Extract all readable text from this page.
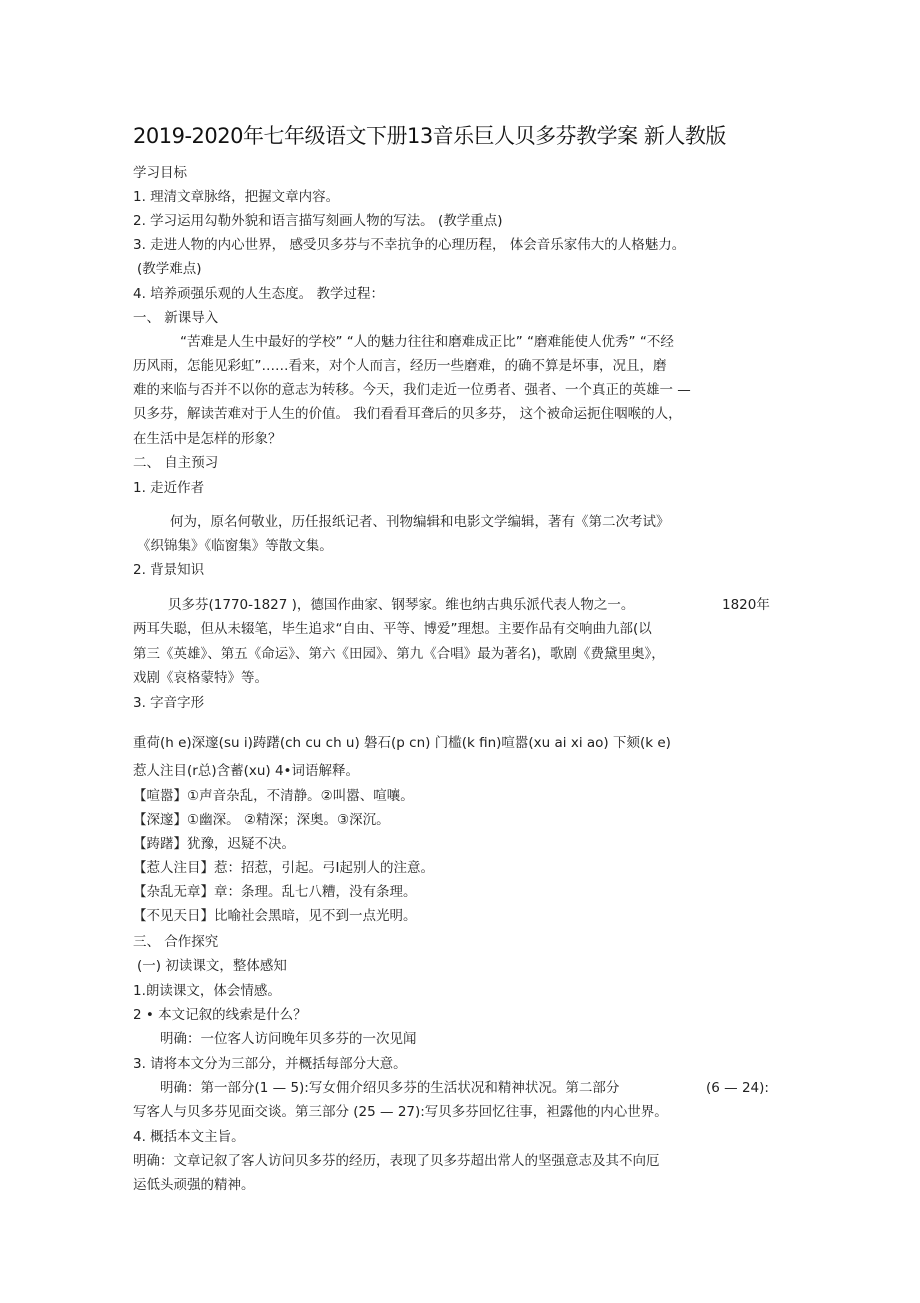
2019-2020年七年级语文下册13音乐巨人贝多芬教学案 新人教版
学习目标
1. 理清文章脉络，把握文章内容。
2. 学习运用勾勒外貌和语言描写刻画人物的写法。 (教学重点)
3. 走进人物的内心世界， 感受贝多芬与不幸抗争的心理历程， 体会音乐家伟大的人格魅力。
(教学难点)
4. 培养顽强乐观的人生态度。 教学过程：
一、 新课导入
“苦难是人生中最好的学校” “人的魅力往往和磨难成正比” “磨难能使人优秀” “不经
历风雨，怎能见彩虹”……看来，对个人而言，经历一些磨难，的确不算是坏事，况且，磨
难的来临与否并不以你的意志为转移。今天，我们走近一位勇者、强者、一个真正的英雄一 —
贝多芬，解读苦难对于人生的价值。 我们看看耳聋后的贝多芬， 这个被命运扼住咽喉的人，
在生活中是怎样的形象？
二、 自主预习
1. 走近作者
何为，原名何敬业，历任报纸记者、刊物编辑和电影文学编辑，著有《第二次考试》
《织锦集》《临窗集》等散文集。
2. 背景知识
贝多芬(1770-1827 )，德国作曲家、钢琴家。维也纳古典乐派代表人物之一。	1820年
两耳失聪，但从未辍笔，毕生追求“自由、平等、博爱”理想。主要作品有交响曲九部(以
第三《英雄》、第五《命运》、第六《田园》、第九《合唱》最为著名)，歌剧《费黛里奥》，
戏剧《哀格蒙特》等。
3. 字音字形
重荷(h e)深邃(su i)踌躇(ch cu ch u) 磐石(p cn) 门槛(k fin)喧嚣(xu ai xi ao) 下颏(k e)
惹人注目(r总)含蓄(xu) 4•词语解释。
【喧嚣】①声音杂乱，不清静。②叫嚣、喧嚷。
【深邃】①幽深。 ②精深；深奥。③深沉。
【踌躇】犹豫，迟疑不决。
【惹人注目】惹：招惹，引起。弓I起别人的注意。
【杂乱无章】章：条理。乱七八糟，没有条理。
【不见天日】比喻社会黑暗，见不到一点光明。
三、 合作探究
(一) 初读课文，整体感知
1.朗读课文，体会情感。
2 • 本文记叙的线索是什么？
明确：一位客人访问晚年贝多芬的一次见闻
3. 请将本文分为三部分，并概括每部分大意。
明确：第一部分(1 — 5):写女佣介绍贝多芬的生活状况和精神状况。第二部分	(6 — 24):
写客人与贝多芬见面交谈。第三部分 (25 — 27):写贝多芬回忆往事，袒露他的内心世界。
4. 概括本文主旨。
明确：文章记叙了客人访问贝多芬的经历，表现了贝多芬超出常人的坚强意志及其不向厄
运低头顽强的精神。
